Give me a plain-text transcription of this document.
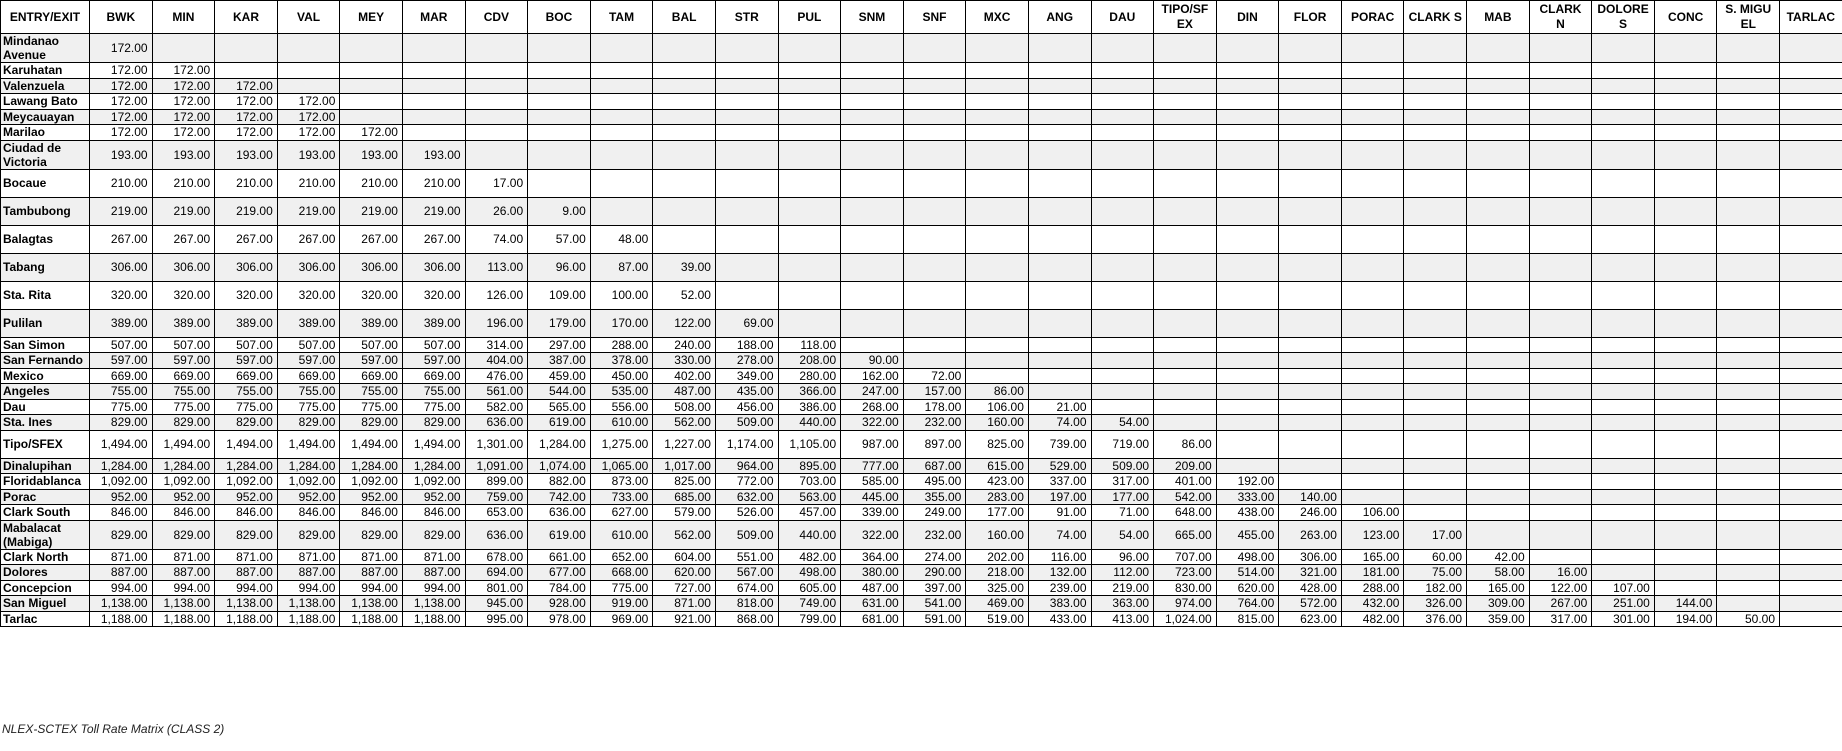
ENTRY/EXIT	BWK	MIN	KAR	VAL	MEY	MAR	CDV	BOC	TAM	BAL	STR	PUL	SNM	SNF	MXC	ANG	DAU	TIPO/SFEX	DIN	FLOR	PORAC	CLARK S	MAB	CLARK N	DOLORES	CONC	S. MIGUEL	TARLAC
Mindanao Avenue	172.00																											
Karuhatan	172.00	172.00																										
Valenzuela	172.00	172.00	172.00																									
Lawang Bato	172.00	172.00	172.00	172.00																								
Meycauayan	172.00	172.00	172.00	172.00																								
Marilao	172.00	172.00	172.00	172.00	172.00																							
Ciudad de Victoria	193.00	193.00	193.00	193.00	193.00	193.00																						
Bocaue	210.00	210.00	210.00	210.00	210.00	210.00	17.00																					
Tambubong	219.00	219.00	219.00	219.00	219.00	219.00	26.00	9.00																				
Balagtas	267.00	267.00	267.00	267.00	267.00	267.00	74.00	57.00	48.00																			
Tabang	306.00	306.00	306.00	306.00	306.00	306.00	113.00	96.00	87.00	39.00																		
Sta. Rita	320.00	320.00	320.00	320.00	320.00	320.00	126.00	109.00	100.00	52.00																		
Pulilan	389.00	389.00	389.00	389.00	389.00	389.00	196.00	179.00	170.00	122.00	69.00																	
San Simon	507.00	507.00	507.00	507.00	507.00	507.00	314.00	297.00	288.00	240.00	188.00	118.00																
San Fernando	597.00	597.00	597.00	597.00	597.00	597.00	404.00	387.00	378.00	330.00	278.00	208.00	90.00															
Mexico	669.00	669.00	669.00	669.00	669.00	669.00	476.00	459.00	450.00	402.00	349.00	280.00	162.00	72.00														
Angeles	755.00	755.00	755.00	755.00	755.00	755.00	561.00	544.00	535.00	487.00	435.00	366.00	247.00	157.00	86.00													
Dau	775.00	775.00	775.00	775.00	775.00	775.00	582.00	565.00	556.00	508.00	456.00	386.00	268.00	178.00	106.00	21.00												
Sta. Ines	829.00	829.00	829.00	829.00	829.00	829.00	636.00	619.00	610.00	562.00	509.00	440.00	322.00	232.00	160.00	74.00	54.00											
Tipo/SFEX	1,494.00	1,494.00	1,494.00	1,494.00	1,494.00	1,494.00	1,301.00	1,284.00	1,275.00	1,227.00	1,174.00	1,105.00	987.00	897.00	825.00	739.00	719.00	86.00										
Dinalupihan	1,284.00	1,284.00	1,284.00	1,284.00	1,284.00	1,284.00	1,091.00	1,074.00	1,065.00	1,017.00	964.00	895.00	777.00	687.00	615.00	529.00	509.00	209.00										
Floridablanca	1,092.00	1,092.00	1,092.00	1,092.00	1,092.00	1,092.00	899.00	882.00	873.00	825.00	772.00	703.00	585.00	495.00	423.00	337.00	317.00	401.00	192.00									
Porac	952.00	952.00	952.00	952.00	952.00	952.00	759.00	742.00	733.00	685.00	632.00	563.00	445.00	355.00	283.00	197.00	177.00	542.00	333.00	140.00								
Clark South	846.00	846.00	846.00	846.00	846.00	846.00	653.00	636.00	627.00	579.00	526.00	457.00	339.00	249.00	177.00	91.00	71.00	648.00	438.00	246.00	106.00							
Mabalacat (Mabiga)	829.00	829.00	829.00	829.00	829.00	829.00	636.00	619.00	610.00	562.00	509.00	440.00	322.00	232.00	160.00	74.00	54.00	665.00	455.00	263.00	123.00	17.00						
Clark North	871.00	871.00	871.00	871.00	871.00	871.00	678.00	661.00	652.00	604.00	551.00	482.00	364.00	274.00	202.00	116.00	96.00	707.00	498.00	306.00	165.00	60.00	42.00					
Dolores	887.00	887.00	887.00	887.00	887.00	887.00	694.00	677.00	668.00	620.00	567.00	498.00	380.00	290.00	218.00	132.00	112.00	723.00	514.00	321.00	181.00	75.00	58.00	16.00				
Concepcion	994.00	994.00	994.00	994.00	994.00	994.00	801.00	784.00	775.00	727.00	674.00	605.00	487.00	397.00	325.00	239.00	219.00	830.00	620.00	428.00	288.00	182.00	165.00	122.00	107.00			
San Miguel	1,138.00	1,138.00	1,138.00	1,138.00	1,138.00	1,138.00	945.00	928.00	919.00	871.00	818.00	749.00	631.00	541.00	469.00	383.00	363.00	974.00	764.00	572.00	432.00	326.00	309.00	267.00	251.00	144.00		
Tarlac	1,188.00	1,188.00	1,188.00	1,188.00	1,188.00	1,188.00	995.00	978.00	969.00	921.00	868.00	799.00	681.00	591.00	519.00	433.00	413.00	1,024.00	815.00	623.00	482.00	376.00	359.00	317.00	301.00	194.00	50.00	
NLEX-SCTEX Toll Rate Matrix (CLASS 2)
